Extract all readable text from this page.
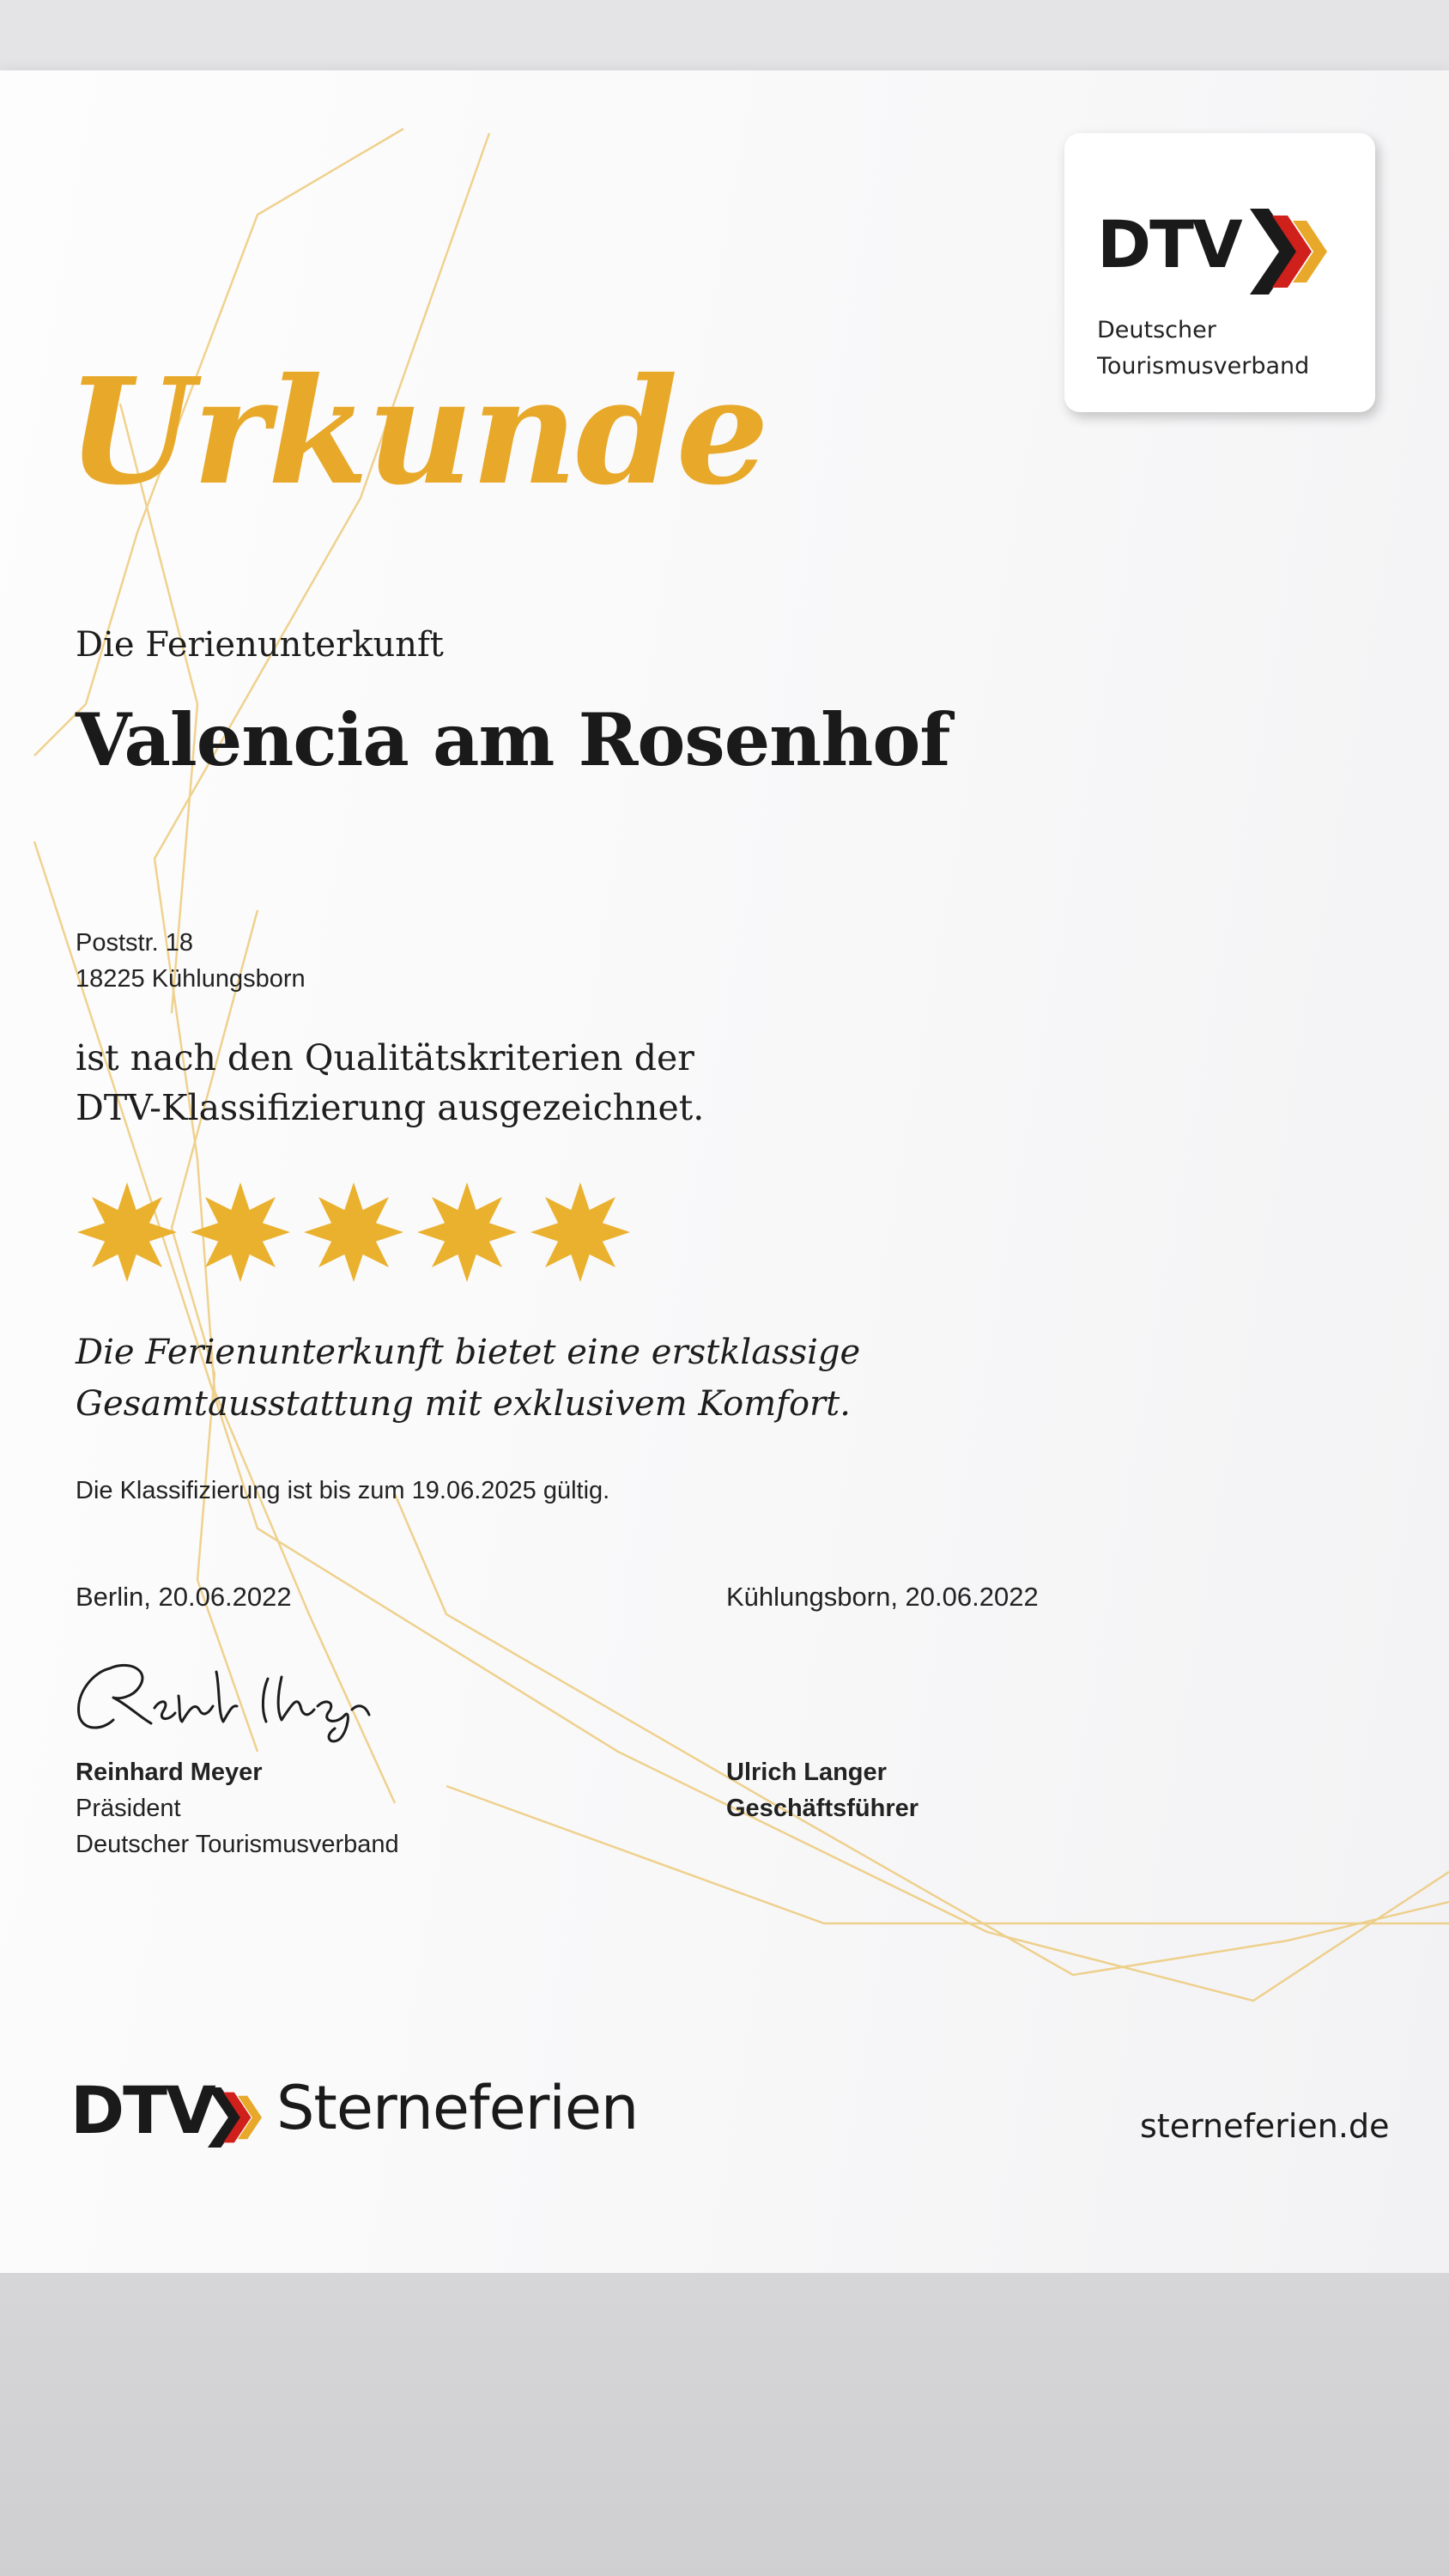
DTV
Deutscher
Tourismusverband
Urkunde
Die Ferienunterkunft
Valencia am Rosenhof
Poststr. 18
18225 Kühlungsborn
ist nach den Qualitätskriterien der
DTV-Klassifizierung ausgezeichnet.
Die Ferienunterkunft bietet eine erstklassige
Gesamtausstattung mit exklusivem Komfort.
Die Klassifizierung ist bis zum 19.06.2025 gültig.
Berlin, 20.06.2022	Kühlungsborn, 20.06.2022
Reinhard Meyer
Präsident
Deutscher Tourismusverband
Ulrich Langer
Geschäftsführer
DTV Sterneferien	sterneferien.de
